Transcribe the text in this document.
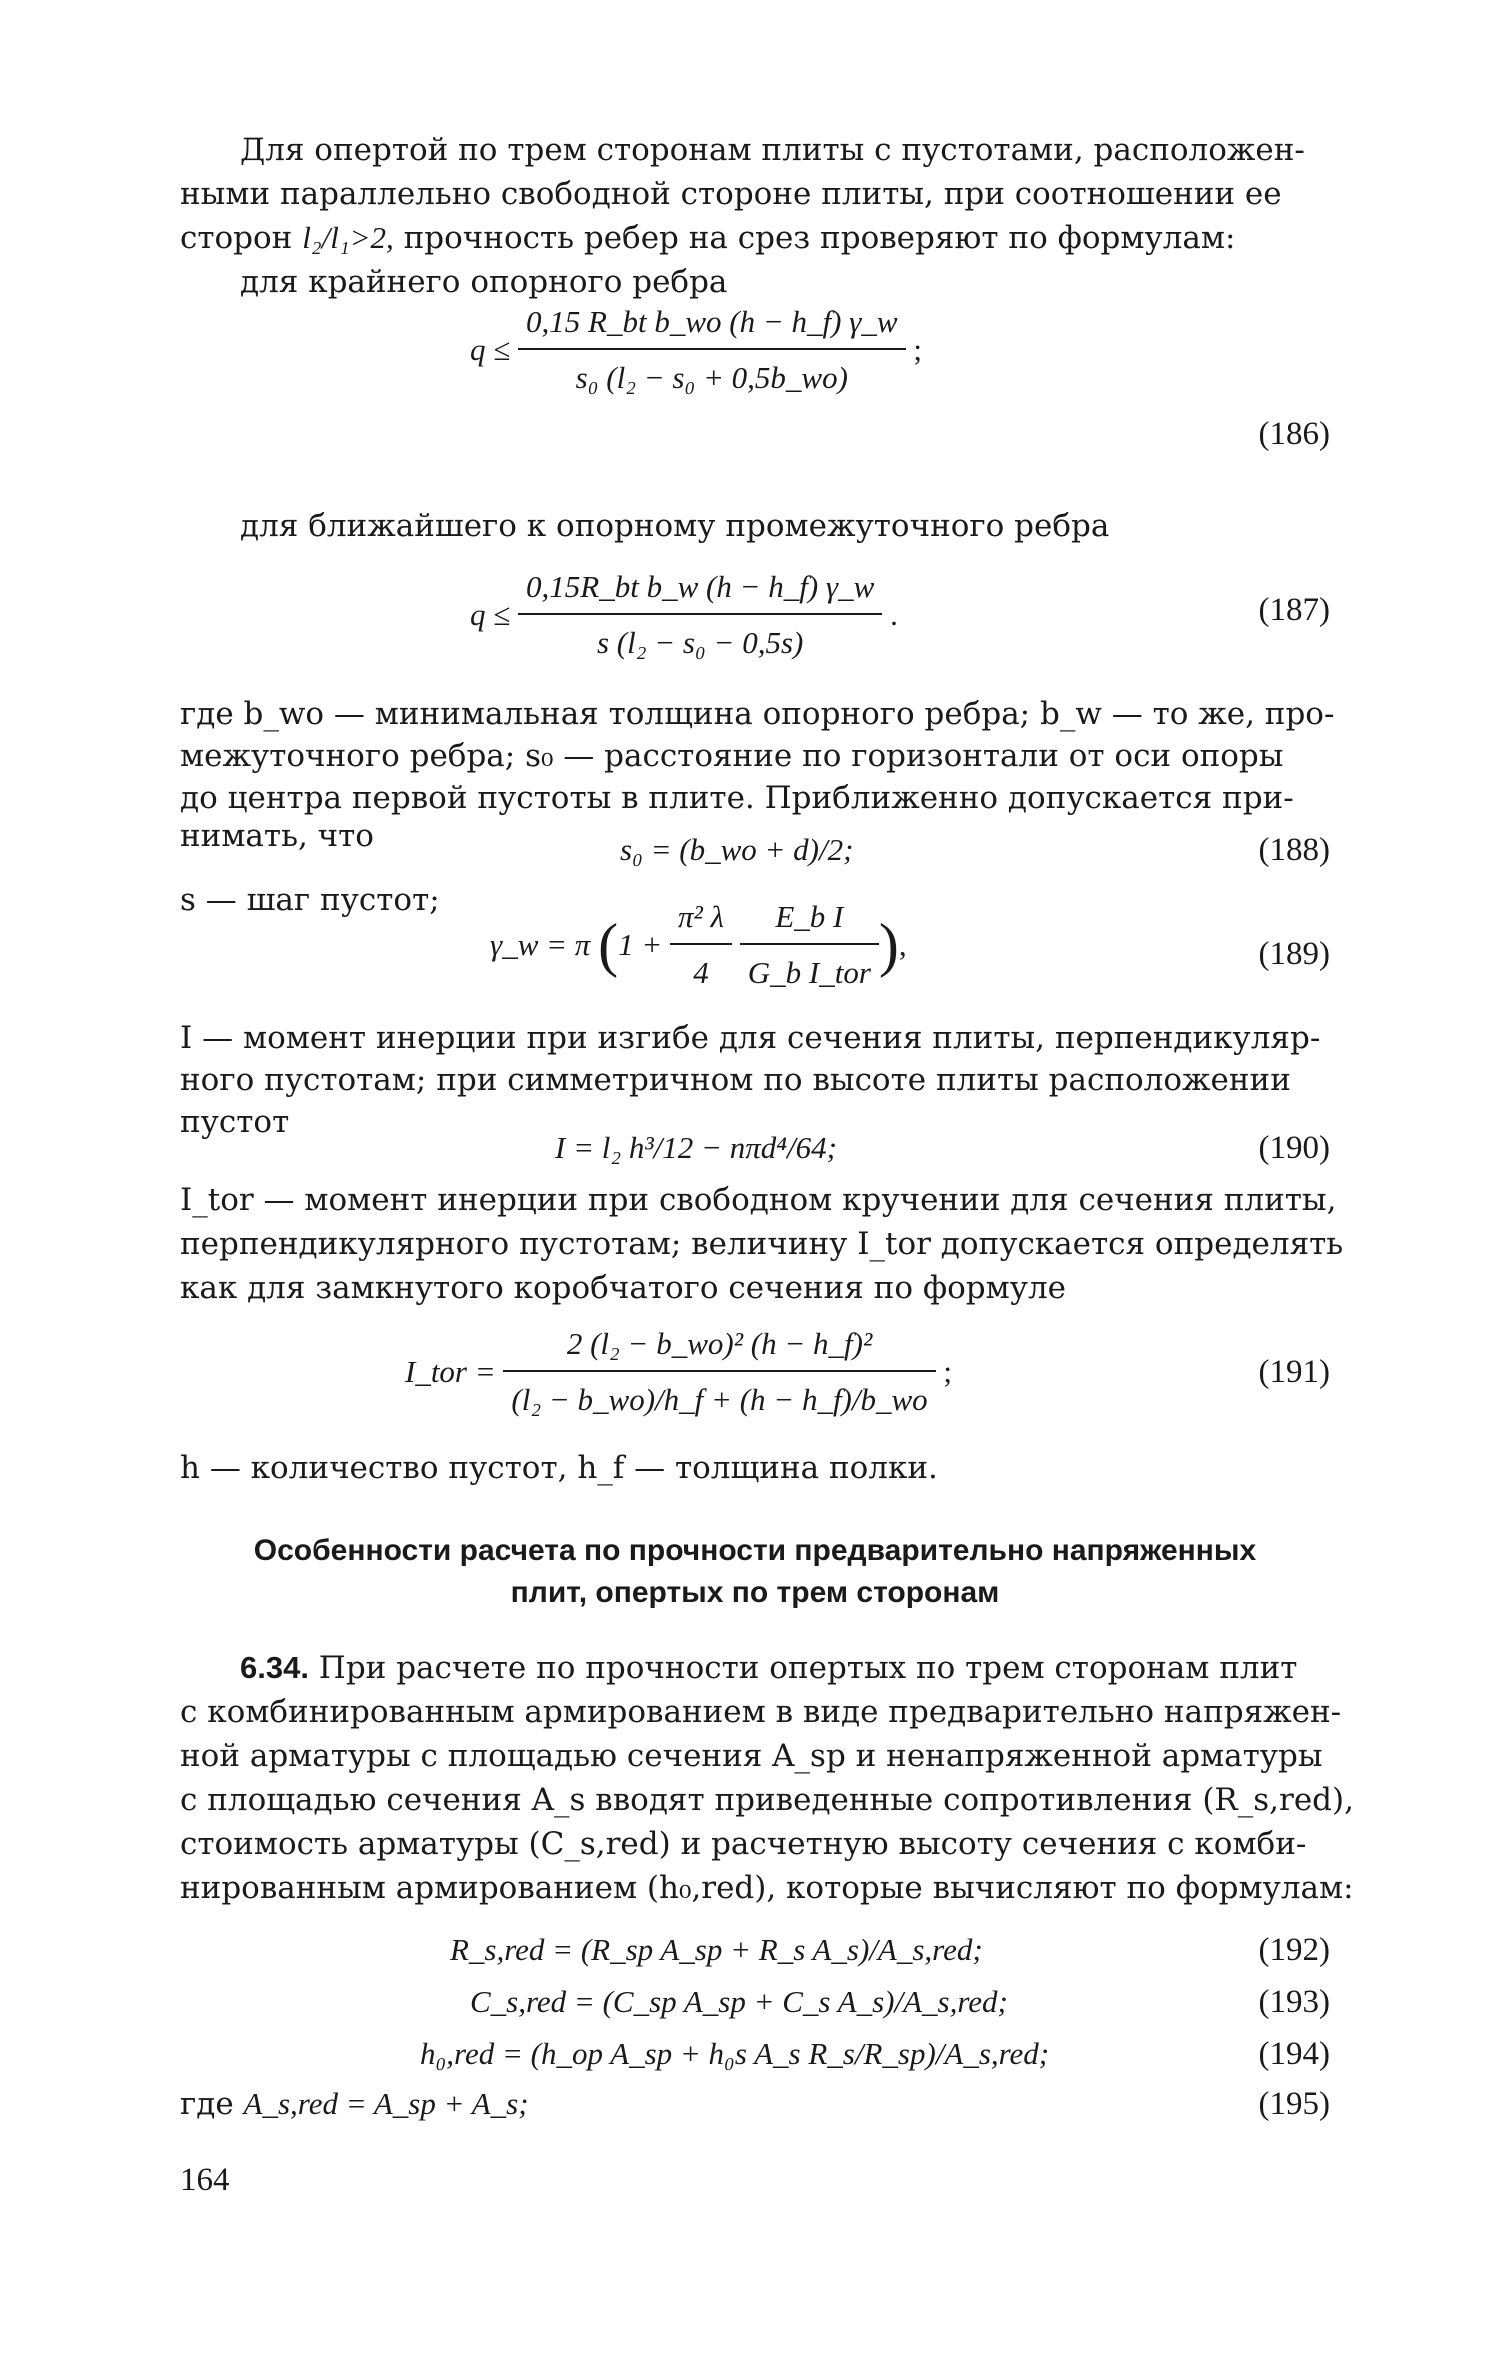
Для опертой по трем сторонам плиты с пустотами, расположен-
ными параллельно свободной стороне плиты, при соотношении ее
сторон l₂/l₁>2, прочность ребер на срез проверяют по формулам:
для крайнего опорного ребра
$q \le \frac{\text{0,15 R\_bt b\_wo (h − h\_f) γ\_w}}{\text{s₀ (l₂ − s₀ + 0,5b\_wo)}}$ ;
(186)
для ближайшего к опорному промежуточного ребра
$q \le \frac{\text{0,15R\_bt b\_w (h − h\_f) γ\_w}}{\text{s (l₂ − s₀ − 0,5s)}}$ .	(187)
где b_wo — минимальная толщина опорного ребра; b_w — то же, про-
межуточного ребра; s₀ — расстояние по горизонтали от оси опоры
до центра первой пустоты в плите. Приближенно допускается при-
нимать, что	s₀ = (b_wo + d)/2;	(188)
s — шаг пустот;
γ_w = π ($1 + \frac{\text{π² λ}}{4}$
$\frac{\text{E\_b I}}{\text{G\_b I\_tor}}$ ),	(189)
I — момент инерции при изгибе для сечения плиты, перпендикуляр-
ного пустотам; при симметричном по высоте плиты расположении
пустот
I = l₂ h³/12 − nπd⁴/64;	(190)
I_tor — момент инерции при свободном кручении для сечения плиты,
перпендикулярного пустотам; величину I_tor допускается определять
как для замкнутого коробчатого сечения по формуле
I_tor = $\frac{\text{2 (l₂ − b\_wo)² (h − h\_f)²}}{\text{(l₂ − b\_wo)/h\_f + (h − h\_f)/b\_wo}}$ ;	(191)
h — количество пустот, h_f — толщина полки.
Особенности расчета по прочности предварительно напряженных
плит, опертых по трем сторонам
6.34. При расчете по прочности опертых по трем сторонам плит
с комбинированным армированием в виде предварительно напряжен-
ной арматуры с площадью сечения A_sp и ненапряженной арматуры
с площадью сечения A_s вводят приведенные сопротивления (R_s,red),
стоимость арматуры (C_s,red) и расчетную высоту сечения с комби-
нированным армированием (h₀,red), которые вычисляют по формулам:
R_s,red = (R_sp A_sp + R_s A_s)/A_s,red;	(192)
C_s,red = (C_sp A_sp + C_s A_s)/A_s,red;	(193)
h₀,red = (h_op A_sp + h₀s A_s R_s/R_sp)/A_s,red;	(194)
где A_s,red = A_sp + A_s;	(195)
164
